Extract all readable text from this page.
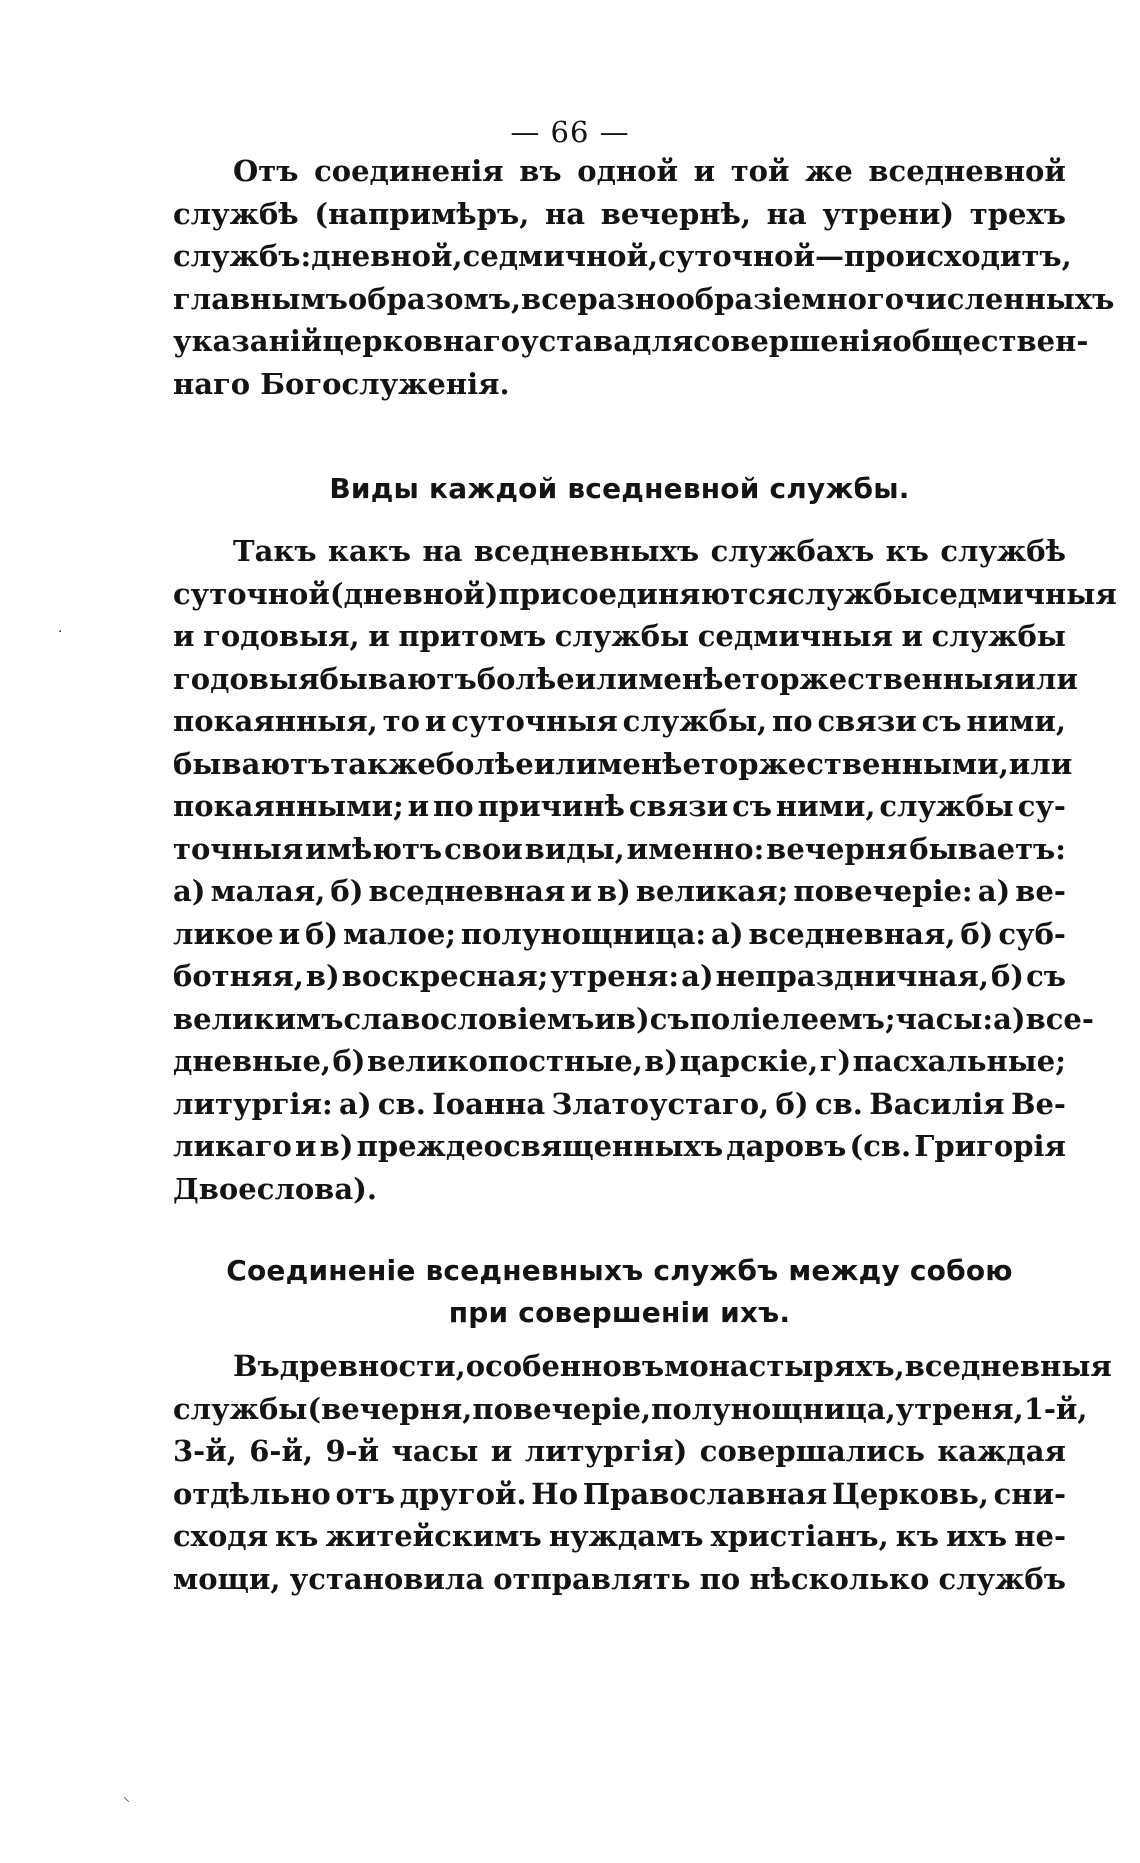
— 66 —
Отъ соединенія въ одной и той же вседневной
службѣ (напримѣръ, на вечернѣ, на утрени) трехъ
службъ: дневной, седмичной, суточной — происходитъ,
главнымъ образомъ, все разнообразіе многочисленныхъ
указаній церковнаго устава для совершенія обществен-
наго Богослуженія.
Виды каждой вседневной службы.
Такъ какъ на вседневныхъ службахъ къ службѣ
суточной (дневной) присоединяются службы седмичныя
и годовыя, и притомъ службы седмичныя и службы
годовыя бываютъ болѣе или менѣе торжественныя или
покаянныя, то и суточныя службы, по связи съ ними,
бываютъ также болѣе или менѣе торжественными, или
покаянными; и по причинѣ связи съ ними, службы су-
точныя имѣютъ свои виды, именно: вечерня бываетъ:
а) малая, б) вседневная и в) великая; повечеріе: а) ве-
ликое и б) малое; полунощница: а) вседневная, б) суб-
ботняя, в) воскресная; утреня: а) непраздничная, б) съ
великимъ славословіемъ и в) съ поліелеемъ; часы: а) все-
дневные, б) великопостные, в) царскіе, г) пасхальные;
литургія: а) св. Іоанна Златоустаго, б) св. Василія Ве-
ликаго и в) преждеосвященныхъ даровъ (св. Григорія
Двоеслова).
Соединеніе вседневныхъ службъ между собою
при совершеніи ихъ.
Въ древности, особенно въ монастыряхъ, вседневныя
службы (вечерня, повечеріе, полунощница, утреня, 1-й,
3-й, 6-й, 9-й часы и литургія) совершались каждая
отдѣльно отъ другой. Но Православная Церковь, сни-
сходя къ житейскимъ нуждамъ христіанъ, къ ихъ не-
мощи, установила отправлять по нѣсколько службъ
·
⸜
